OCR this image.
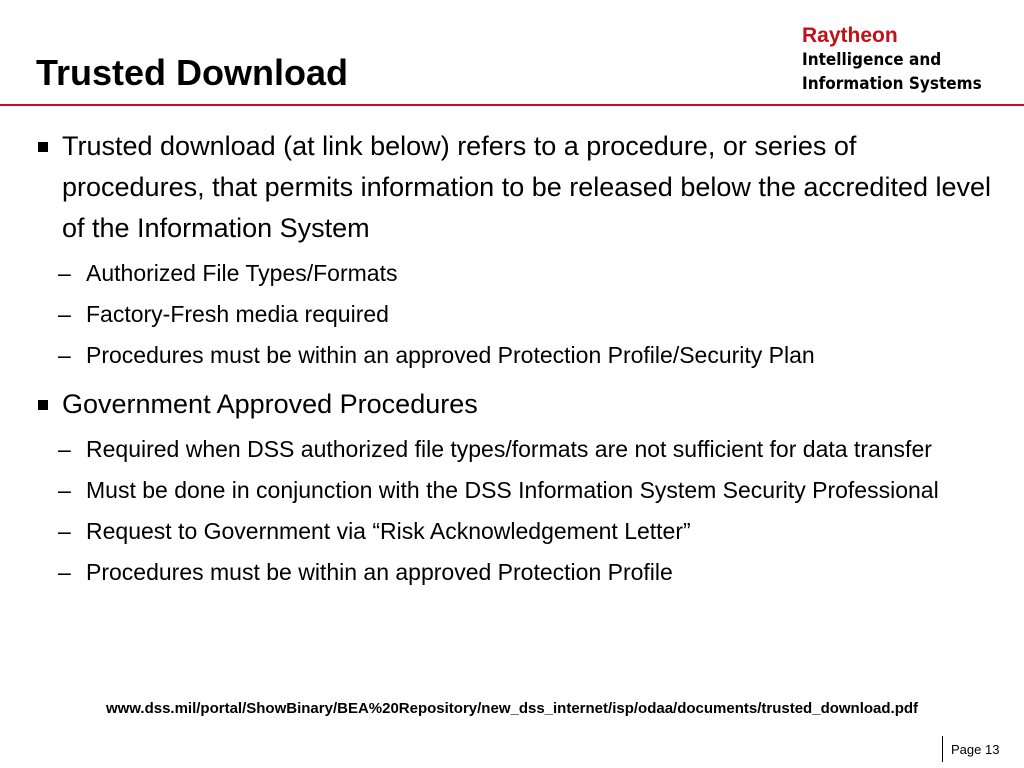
Trusted Download
Raytheon
Intelligence and
Information Systems
Trusted download (at link below) refers to a procedure, or series of procedures, that permits information to be released below the accredited level of the Information System
– Authorized File Types/Formats
– Factory-Fresh media required
– Procedures must be within an approved Protection Profile/Security Plan
Government Approved Procedures
– Required when DSS authorized file types/formats are not sufficient for data transfer
– Must be done in conjunction with the DSS Information System Security Professional
– Request to Government via “Risk Acknowledgement Letter”
– Procedures must be within an approved Protection Profile
www.dss.mil/portal/ShowBinary/BEA%20Repository/new_dss_internet/isp/odaa/documents/trusted_download.pdf
Page 13
